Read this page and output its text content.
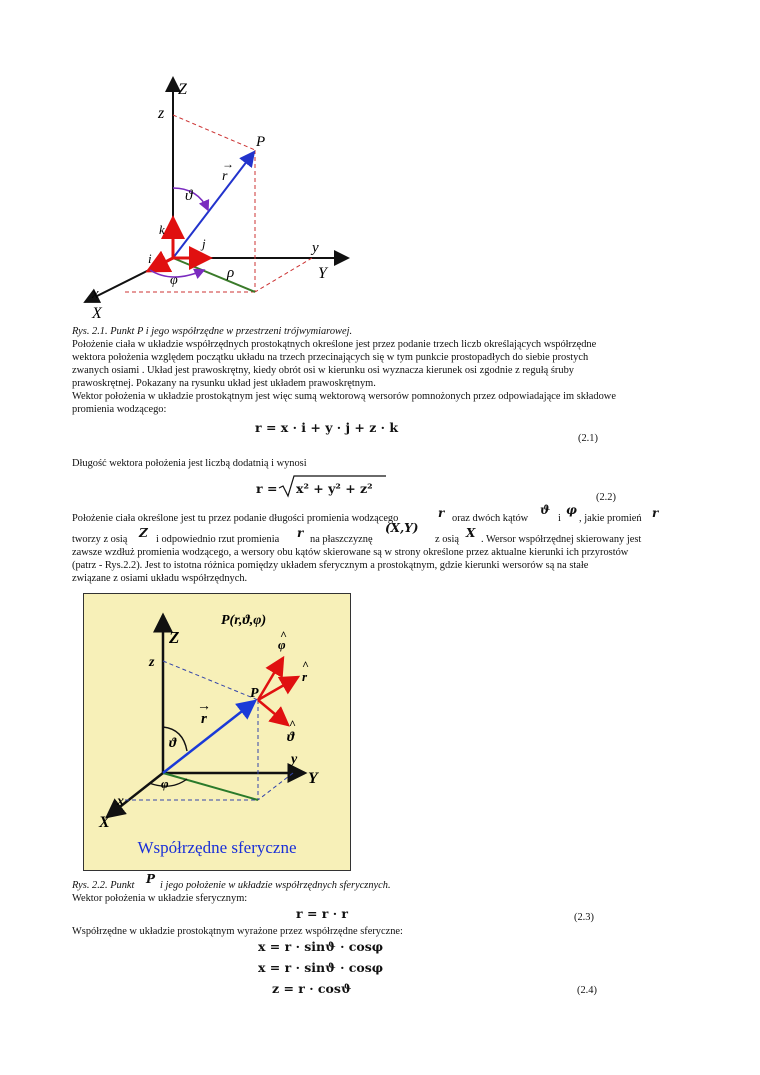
Z
z
P
r
→
ϑ
k
j
i
y
Y
ρ
φ
x
X
Rys. 2.1. Punkt P i jego współrzędne w przestrzeni trójwymiarowej.
Położenie ciała w układzie współrzędnych prostokątnych określone jest przez podanie trzech liczb określających współrzędne
wektora położenia względem początku układu na trzech przecinających się w tym punkcie prostopadłych do siebie prostych
zwanych osiami . Układ jest prawoskrętny, kiedy obrót osi w kierunku osi wyznacza kierunek osi zgodnie z regułą śruby
prawoskrętnej. Pokazany na rysunku układ jest układem prawoskrętnym.
Wektor położenia w układzie prostokątnym jest więc sumą wektorową wersorów pomnożonych przez odpowiadające im składowe
promienia wodzącego:
r = x · i + y · j + z · k
(2.1)
Długość wektora położenia jest liczbą dodatnią i wynosi
r = x² + y² + z²
(2.2)
Położenie ciała określone jest tu przez podanie długości promienia wodzącego	r oraz dwóch kątów
ϑ
i
φ
, jakie promień r
tworzy z osią Z i odpowiednio rzut promienia r na płaszczyznę
(X,Y)
z osią X . Wersor współrzędnej skierowany jest
zawsze wzdłuż promienia wodzącego, a wersory obu kątów skierowane są w strony określone przez aktualne kierunki ich przyrostów
(patrz - Rys.2.2). Jest to istotna różnica pomiędzy układem sferycznym a prostokątnym, gdzie kierunki wersorów są na stałe
związane z osiami układu współrzędnych.
P(r,ϑ,φ)
Z
z
P
r
→
φ
^
r
^
ϑ
^
ϑ
φ
y
Y
x
X
Współrzędne sferyczne
Rys. 2.2. Punkt P i jego położenie w układzie współrzędnych sferycznych.
Wektor położenia w układzie sferycznym:
r = r · r	(2.3)
Współrzędne w układzie prostokątnym wyrażone przez współrzędne sferyczne:
x = r · sinϑ · cosφ
x = r · sinϑ · cosφ
z = r · cosϑ	(2.4)
